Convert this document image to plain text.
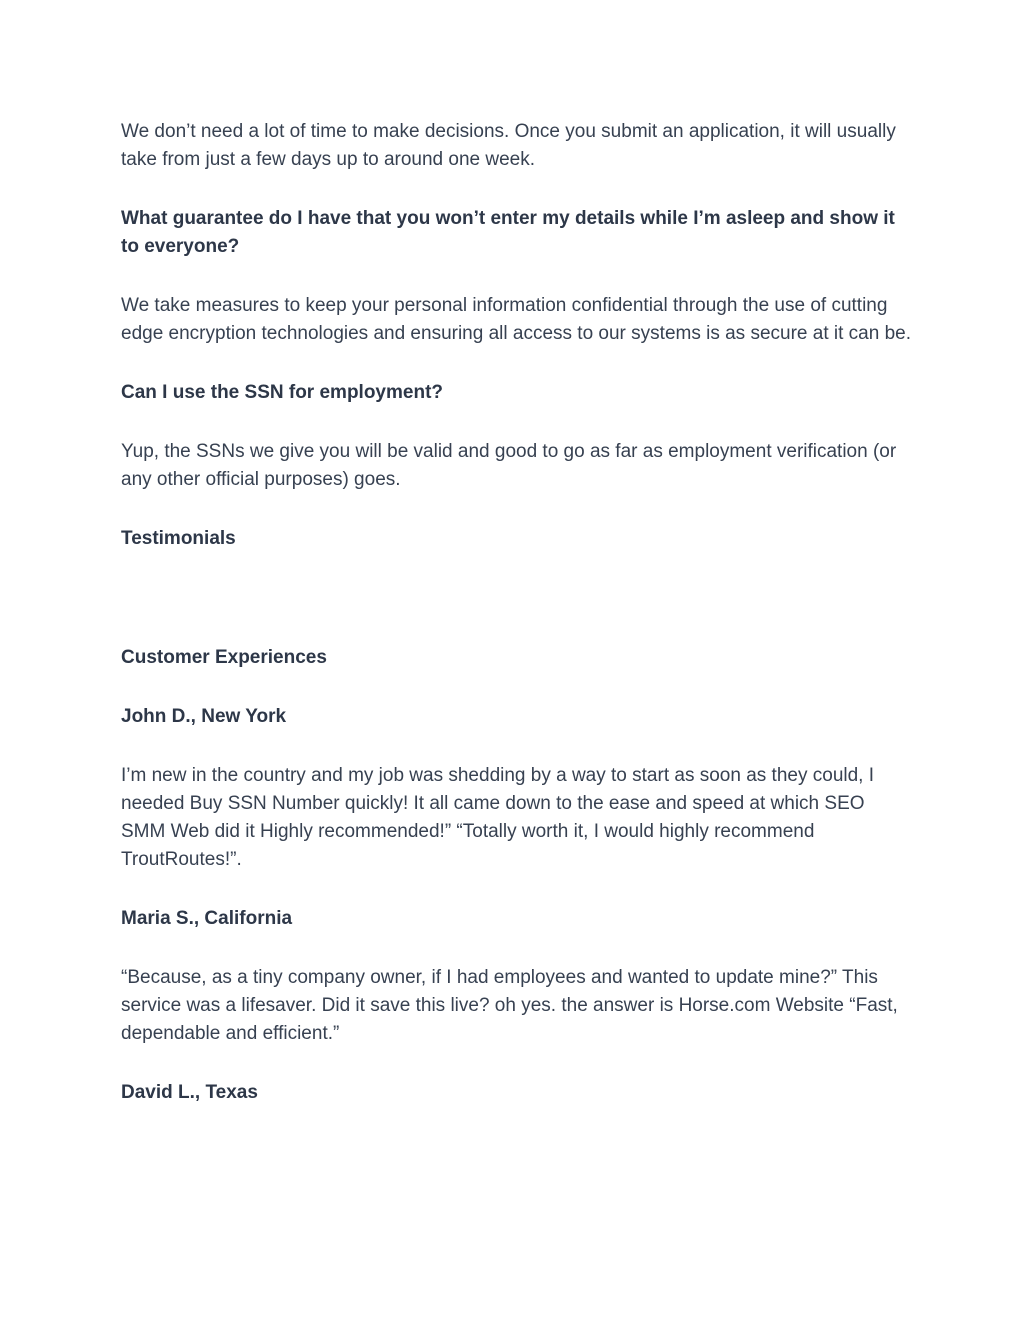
We don’t need a lot of time to make decisions. Once you submit an application, it will usually take from just a few days up to around one week.

What guarantee do I have that you won’t enter my details while I’m asleep and show it to everyone?

We take measures to keep your personal information confidential through the use of cutting edge encryption technologies and ensuring all access to our systems is as secure at it can be.

Can I use the SSN for employment?

Yup, the SSNs we give you will be valid and good to go as far as employment verification (or any other official purposes) goes.

Testimonials

Customer Experiences

John D., New York

I’m new in the country and my job was shedding by a way to start as soon as they could, I needed Buy SSN Number quickly! It all came down to the ease and speed at which SEO SMM Web did it Highly recommended!” “Totally worth it, I would highly recommend TroutRoutes!”.

Maria S., California

“Because, as a tiny company owner, if I had employees and wanted to update mine?” This service was a lifesaver. Did it save this live? oh yes. the answer is Horse.com Website “Fast, dependable and efficient.”

David L., Texas
